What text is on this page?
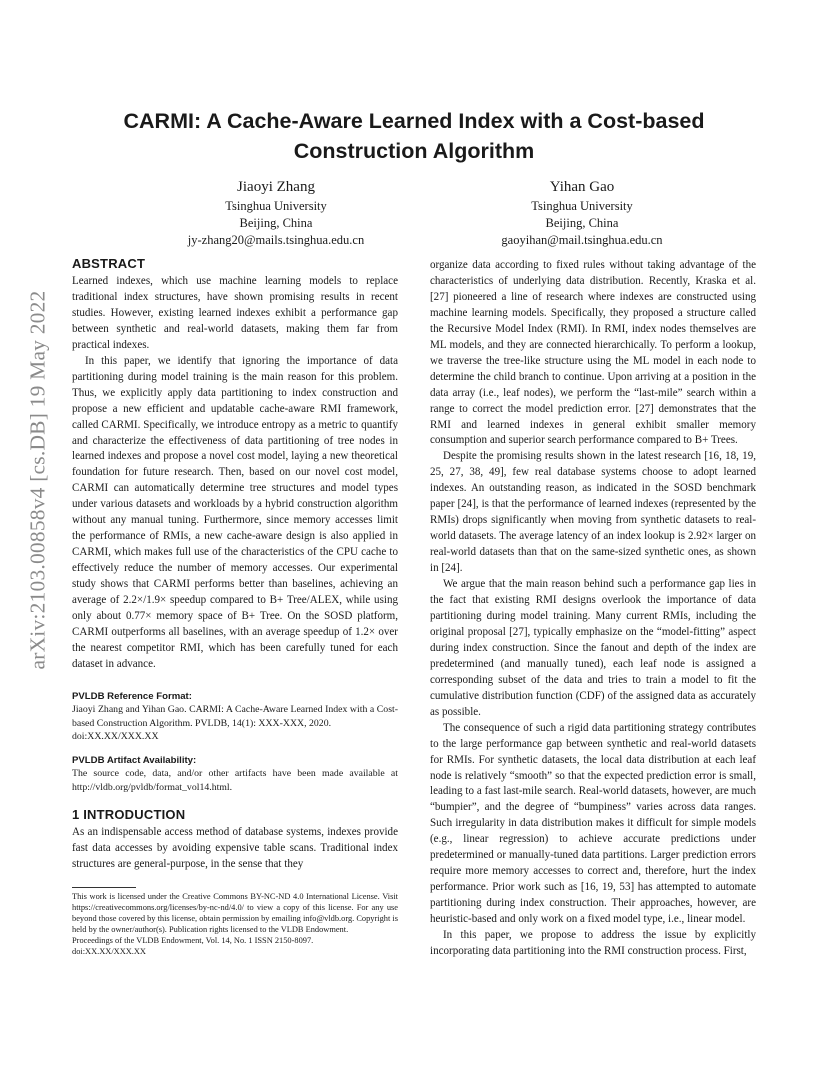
arXiv:2103.00858v4 [cs.DB] 19 May 2022
CARMI: A Cache-Aware Learned Index with a Cost-based
Construction Algorithm
Jiaoyi Zhang
Tsinghua University
Beijing, China
jy-zhang20@mails.tsinghua.edu.cn
Yihan Gao
Tsinghua University
Beijing, China
gaoyihan@mail.tsinghua.edu.cn
ABSTRACT

Learned indexes, which use machine learning models to replace traditional index structures, have shown promising results in recent studies. However, existing learned indexes exhibit a performance gap between synthetic and real-world datasets, making them far from practical indexes.

In this paper, we identify that ignoring the importance of data partitioning during model training is the main reason for this problem. Thus, we explicitly apply data partitioning to index construction and propose a new efficient and updatable cache-aware RMI framework, called CARMI. Specifically, we introduce entropy as a metric to quantify and characterize the effectiveness of data partitioning of tree nodes in learned indexes and propose a novel cost model, laying a new theoretical foundation for future research. Then, based on our novel cost model, CARMI can automatically determine tree structures and model types under various datasets and workloads by a hybrid construction algorithm without any manual tuning. Furthermore, since memory accesses limit the performance of RMIs, a new cache-aware design is also applied in CARMI, which makes full use of the characteristics of the CPU cache to effectively reduce the number of memory accesses. Our experimental study shows that CARMI performs better than baselines, achieving an average of 2.2×/1.9× speedup compared to B+ Tree/ALEX, while using only about 0.77× memory space of B+ Tree. On the SOSD platform, CARMI outperforms all baselines, with an average speedup of 1.2× over the nearest competitor RMI, which has been carefully tuned for each dataset in advance.

PVLDB Reference Format:

Jiaoyi Zhang and Yihan Gao. CARMI: A Cache-Aware Learned Index with a Cost-based Construction Algorithm. PVLDB, 14(1): XXX-XXX, 2020.

doi:XX.XX/XXX.XX

PVLDB Artifact Availability:

The source code, data, and/or other artifacts have been made available at http://vldb.org/pvldb/format_vol14.html.

1 INTRODUCTION

As an indispensable access method of database systems, indexes provide fast data accesses by avoiding expensive table scans. Traditional index structures are general-purpose, in the sense that they

This work is licensed under the Creative Commons BY-NC-ND 4.0 International License. Visit https://creativecommons.org/licenses/by-nc-nd/4.0/ to view a copy of this license. For any use beyond those covered by this license, obtain permission by emailing info@vldb.org. Copyright is held by the owner/author(s). Publication rights licensed to the VLDB Endowment.

Proceedings of the VLDB Endowment, Vol. 14, No. 1 ISSN 2150-8097.

doi:XX.XX/XXX.XX

organize data according to fixed rules without taking advantage of the characteristics of underlying data distribution. Recently, Kraska et al. [27] pioneered a line of research where indexes are constructed using machine learning models. Specifically, they proposed a structure called the Recursive Model Index (RMI). In RMI, index nodes themselves are ML models, and they are connected hierarchically. To perform a lookup, we traverse the tree-like structure using the ML model in each node to determine the child branch to continue. Upon arriving at a position in the data array (i.e., leaf nodes), we perform the “last-mile” search within a range to correct the model prediction error. [27] demonstrates that the RMI and learned indexes in general exhibit smaller memory consumption and superior search performance compared to B+ Trees.

Despite the promising results shown in the latest research [16, 18, 19, 25, 27, 38, 49], few real database systems choose to adopt learned indexes. An outstanding reason, as indicated in the SOSD benchmark paper [24], is that the performance of learned indexes (represented by the RMIs) drops significantly when moving from synthetic datasets to real-world datasets. The average latency of an index lookup is 2.92× larger on real-world datasets than that on the same-sized synthetic ones, as shown in [24].

We argue that the main reason behind such a performance gap lies in the fact that existing RMI designs overlook the importance of data partitioning during model training. Many current RMIs, including the original proposal [27], typically emphasize on the “model-fitting” aspect during index construction. Since the fanout and depth of the index are predetermined (and manually tuned), each leaf node is assigned a corresponding subset of the data and tries to train a model to fit the cumulative distribution function (CDF) of the assigned data as accurately as possible.

The consequence of such a rigid data partitioning strategy contributes to the large performance gap between synthetic and real-world datasets for RMIs. For synthetic datasets, the local data distribution at each leaf node is relatively “smooth” so that the expected prediction error is small, leading to a fast last-mile search. Real-world datasets, however, are much “bumpier”, and the degree of “bumpiness” varies across data ranges. Such irregularity in data distribution makes it difficult for simple models (e.g., linear regression) to achieve accurate predictions under predetermined or manually-tuned data partitions. Larger prediction errors require more memory accesses to correct and, therefore, hurt the index performance. Prior work such as [16, 19, 53] has attempted to automate partitioning during index construction. Their approaches, however, are heuristic-based and only work on a fixed model type, i.e., linear model.

In this paper, we propose to address the issue by explicitly incorporating data partitioning into the RMI construction process. First,
